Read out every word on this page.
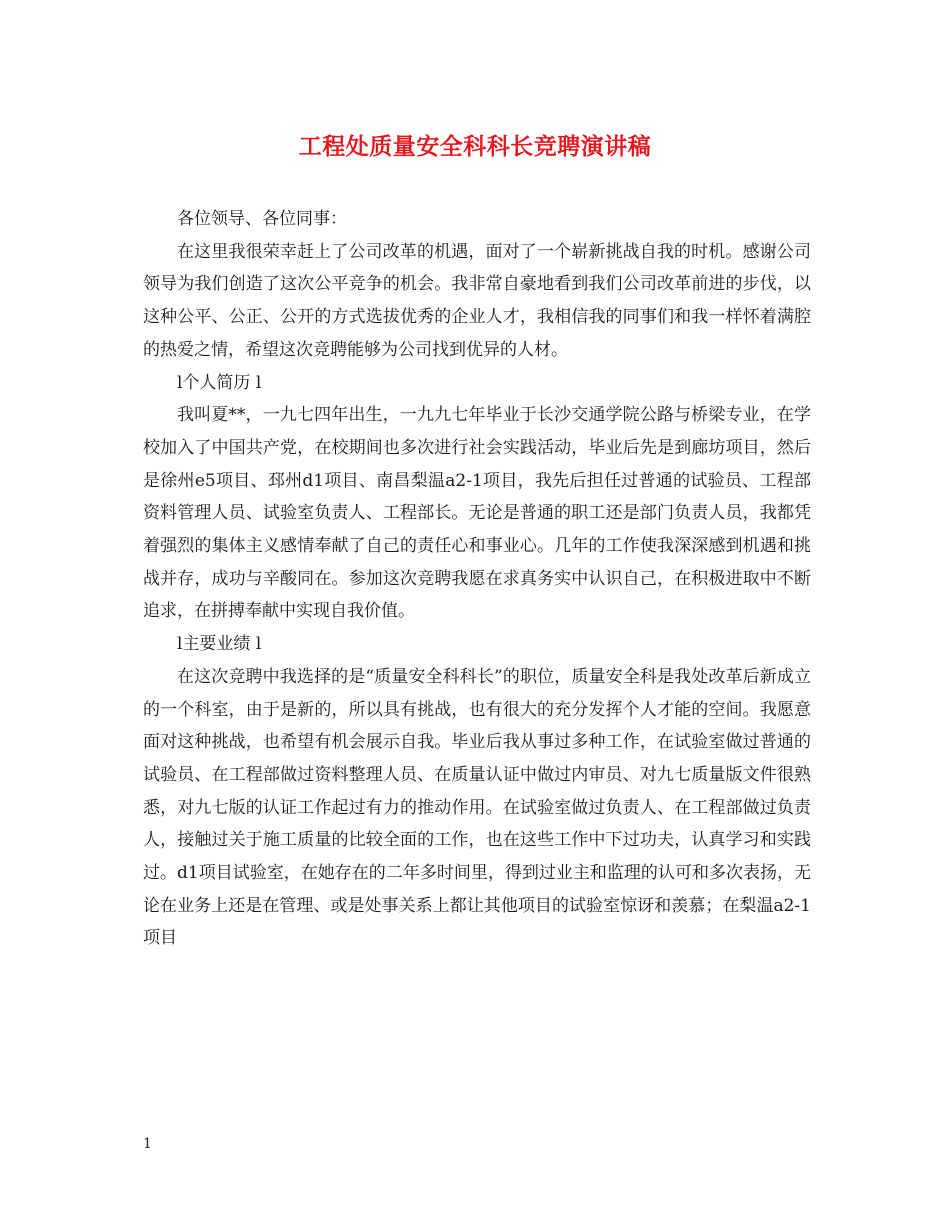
工程处质量安全科科长竞聘演讲稿

各位领导、各位同事：

在这里我很荣幸赶上了公司改革的机遇，面对了一个崭新挑战自我的时机。感谢公司领导为我们创造了这次公平竞争的机会。我非常自豪地看到我们公司改革前进的步伐，以这种公平、公正、公开的方式选拔优秀的企业人才，我相信我的同事们和我一样怀着满腔的热爱之情，希望这次竞聘能够为公司找到优异的人材。

l个人简历 l

我叫夏**，一九七四年出生，一九九七年毕业于长沙交通学院公路与桥梁专业，在学校加入了中国共产党，在校期间也多次进行社会实践活动，毕业后先是到廊坊项目，然后是徐州e5项目、邳州d1项目、南昌梨温a2-1项目，我先后担任过普通的试验员、工程部资料管理人员、试验室负责人、工程部长。无论是普通的职工还是部门负责人员，我都凭着强烈的集体主义感情奉献了自己的责任心和事业心。几年的工作使我深深感到机遇和挑战并存，成功与辛酸同在。参加这次竞聘我愿在求真务实中认识自己，在积极进取中不断追求，在拼搏奉献中实现自我价值。

l主要业绩 l

在这次竞聘中我选择的是“质量安全科科长”的职位，质量安全科是我处改革后新成立的一个科室，由于是新的，所以具有挑战，也有很大的充分发挥个人才能的空间。我愿意面对这种挑战，也希望有机会展示自我。毕业后我从事过多种工作，在试验室做过普通的试验员、在工程部做过资料整理人员、在质量认证中做过内审员、对九七质量版文件很熟悉，对九七版的认证工作起过有力的推动作用。在试验室做过负责人、在工程部做过负责人，接触过关于施工质量的比较全面的工作，也在这些工作中下过功夫，认真学习和实践过。d1项目试验室，在她存在的二年多时间里，得到过业主和监理的认可和多次表扬，无论在业务上还是在管理、或是处事关系上都让其他项目的试验室惊讶和羡慕；在梨温a2-1项目

1
